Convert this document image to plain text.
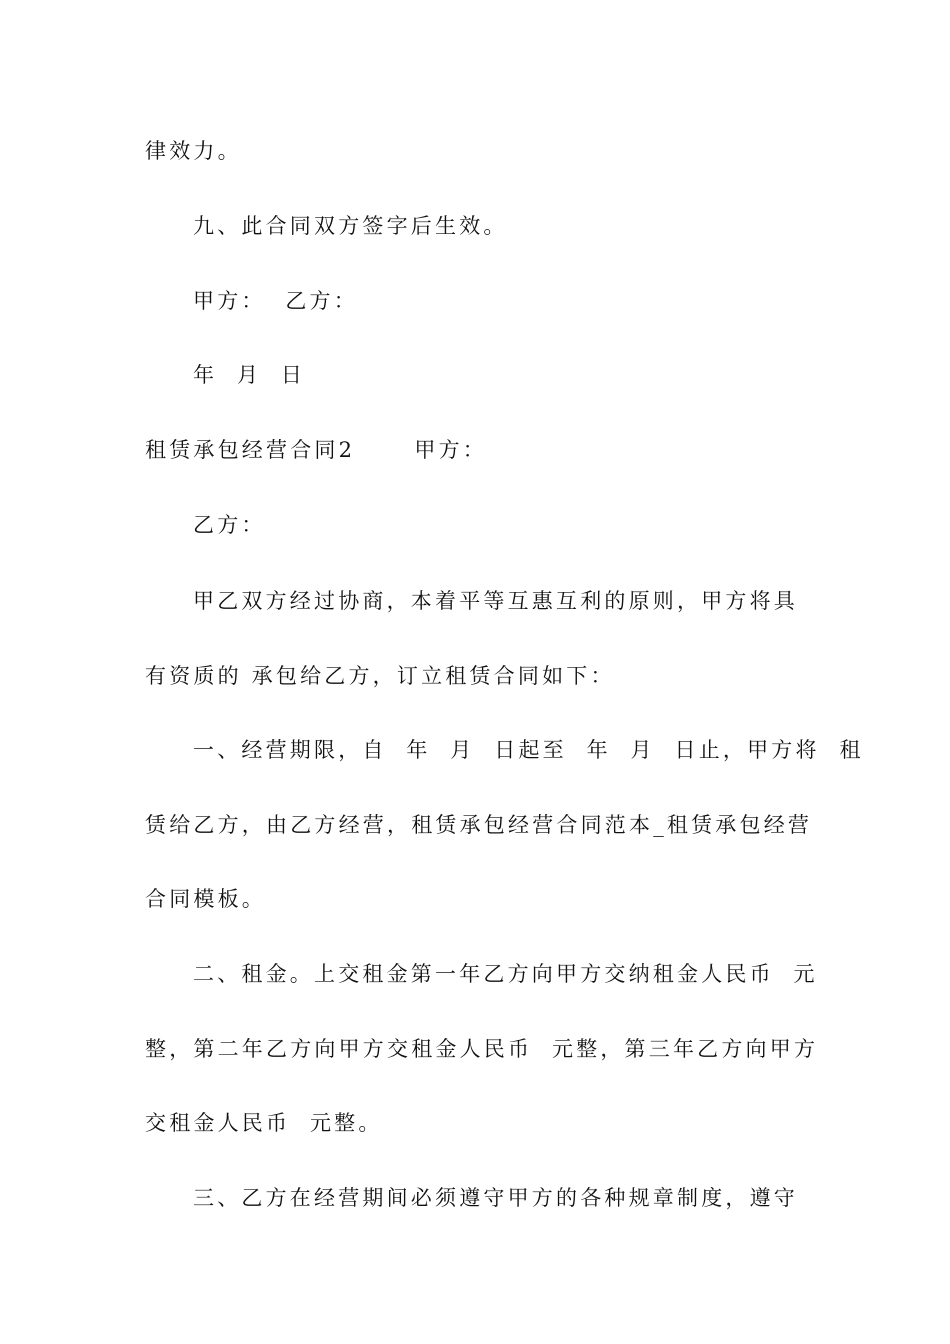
律效力。
九、此合同双方签字后生效。
甲方：  乙方：
年  月  日
租赁承包经营合同2      甲方：
乙方：
甲乙双方经过协商，本着平等互惠互利的原则，甲方将具
有资质的 承包给乙方，订立租赁合同如下：
一、经营期限，自  年  月  日起至  年  月  日止，甲方将  租
赁给乙方，由乙方经营，租赁承包经营合同范本_租赁承包经营
合同模板。
二、租金。上交租金第一年乙方向甲方交纳租金人民币  元
整，第二年乙方向甲方交租金人民币  元整，第三年乙方向甲方
交租金人民币  元整。
三、乙方在经营期间必须遵守甲方的各种规章制度，遵守
